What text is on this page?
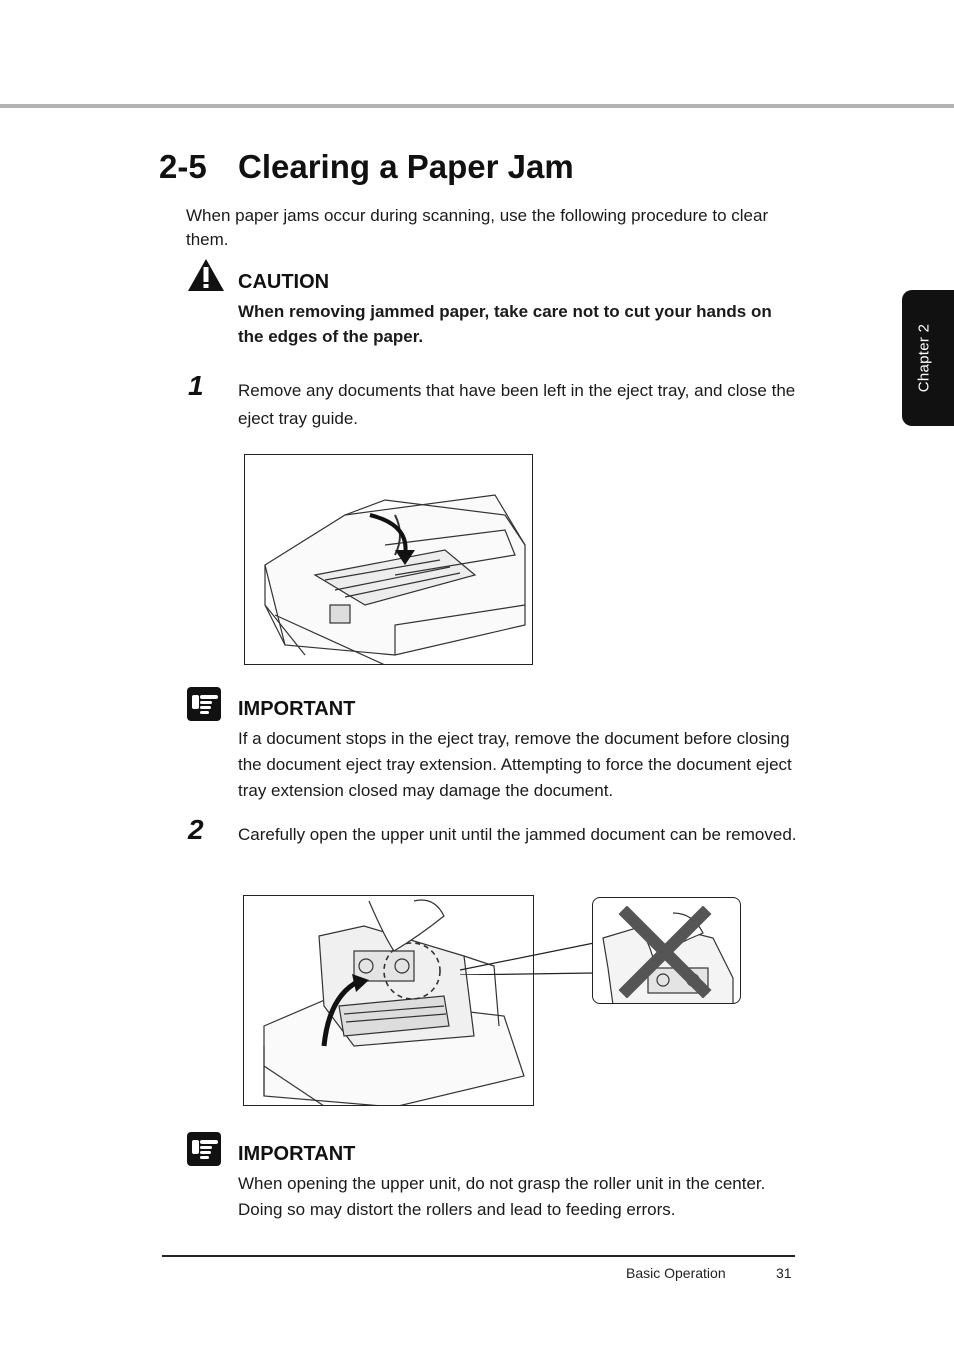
Chapter 2
2-5 Clearing a Paper Jam

When paper jams occur during scanning, use the following procedure to clear them.

CAUTION

When removing jammed paper, take care not to cut your hands on the edges of the paper.

1 Remove any documents that have been left in the eject tray, and close the eject tray guide.

IMPORTANT

If a document stops in the eject tray, remove the document before closing the document eject tray extension. Attempting to force the document eject tray extension closed may damage the document.

2 Carefully open the upper unit until the jammed document can be removed.

IMPORTANT

When opening the upper unit, do not grasp the roller unit in the center. Doing so may distort the rollers and lead to feeding errors.

Basic Operation	31
